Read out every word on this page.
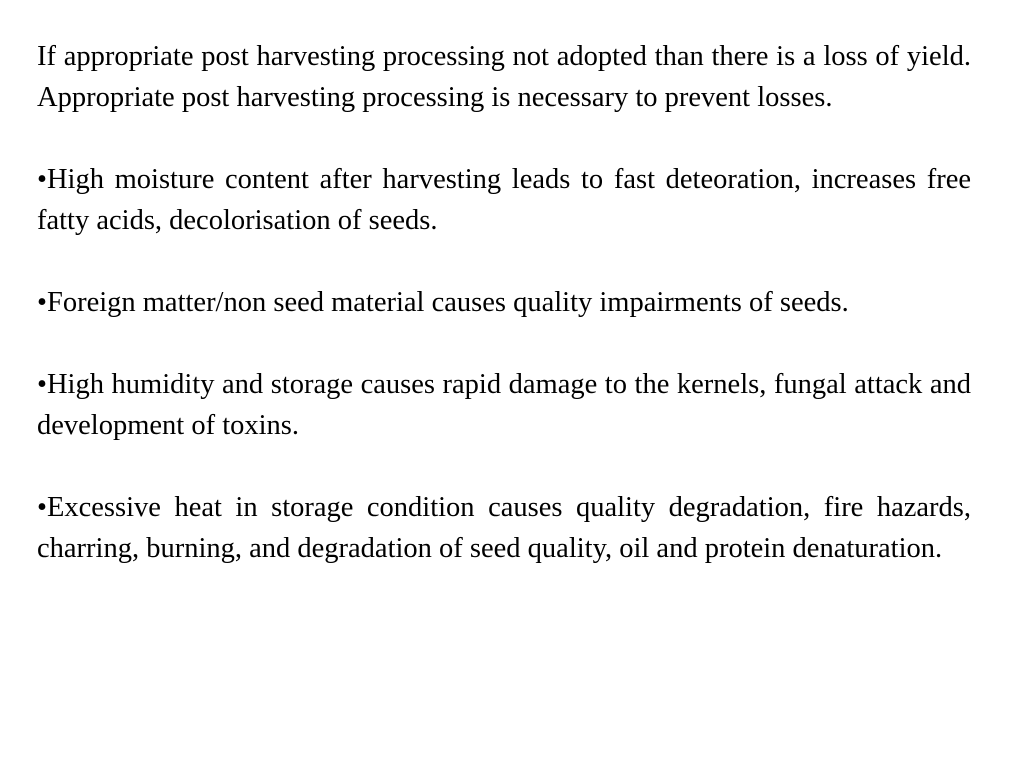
If appropriate post harvesting processing not adopted than there is a loss of yield. Appropriate post harvesting processing is necessary to prevent losses.

•High moisture content after harvesting leads to fast deteoration, increases free fatty acids, decolorisation of seeds.

•Foreign matter/non seed material causes quality impairments of seeds.

•High humidity and storage causes rapid damage to the kernels, fungal attack and development of toxins.

•Excessive heat in storage condition causes quality degradation, fire hazards, charring, burning, and degradation of seed quality, oil and protein denaturation.
